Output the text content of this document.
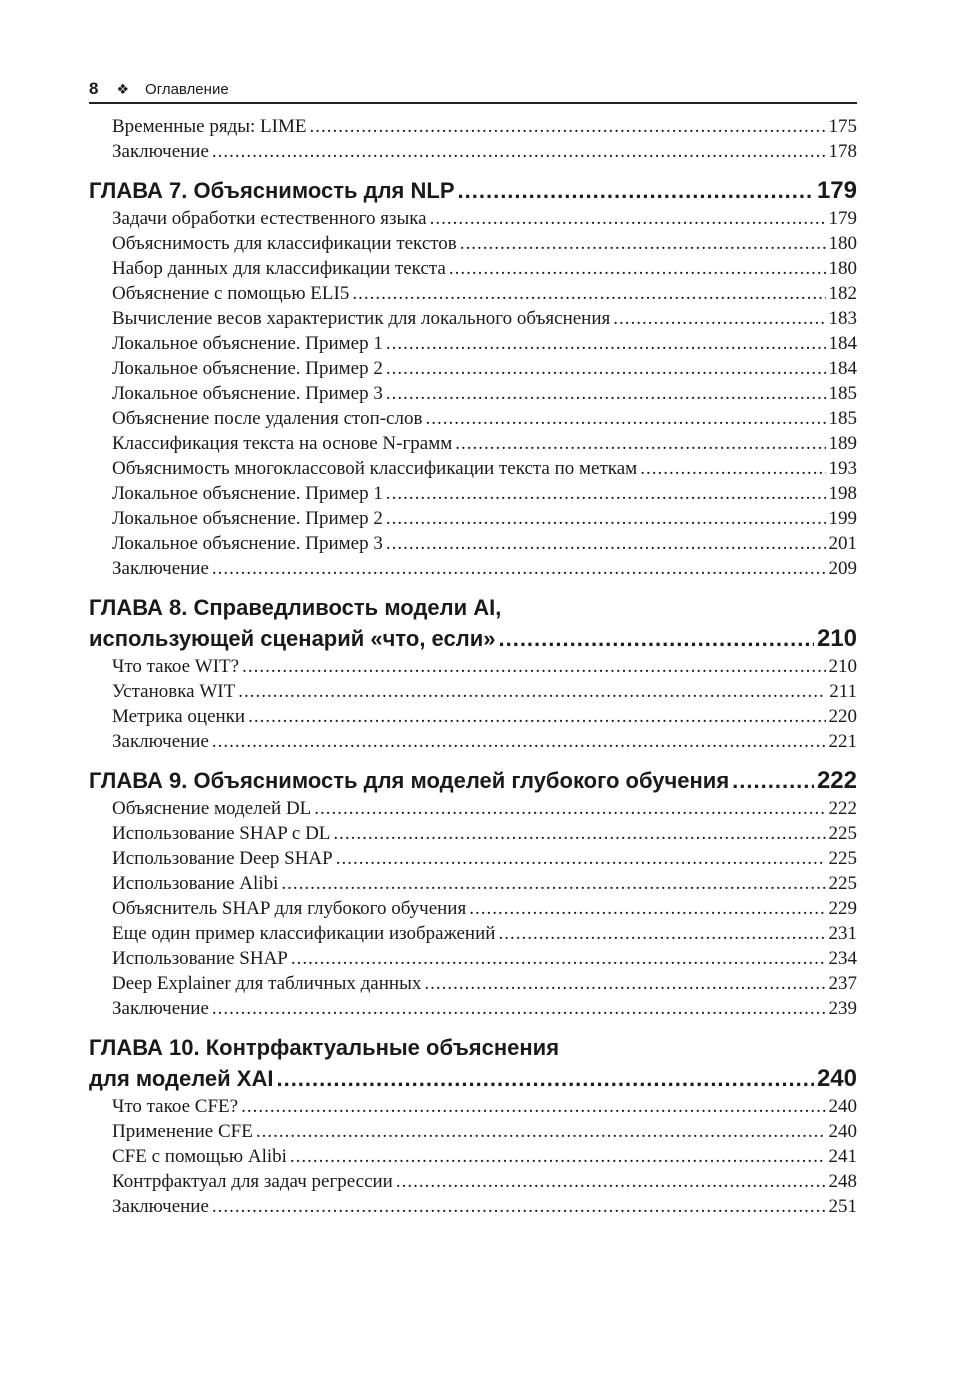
8 ❖ Оглавление
Временные ряды: LIME .....	175
Заключение .....	178
ГЛАВА 7. Объяснимость для NLP .....	179
Задачи обработки естественного языка .....	179
Объяснимость для классификации текстов .....	180
Набор данных для классификации текста .....	180
Объяснение с помощью ELI5 .....	182
Вычисление весов характеристик для локального объяснения .....	183
Локальное объяснение. Пример 1 .....	184
Локальное объяснение. Пример 2 .....	184
Локальное объяснение. Пример 3 .....	185
Объяснение после удаления стоп-слов .....	185
Классификация текста на основе N-грамм .....	189
Объяснимость многоклассовой классификации текста по меткам .....	193
Локальное объяснение. Пример 1 .....	198
Локальное объяснение. Пример 2 .....	199
Локальное объяснение. Пример 3 .....	201
Заключение .....	209
ГЛАВА 8. Справедливость модели AI,
использующей сценарий «что, если» .....	210
Что такое WIT? .....	210
Установка WIT .....	211
Метрика оценки .....	220
Заключение .....	221
ГЛАВА 9. Объяснимость для моделей глубокого обучения .....	222
Объяснение моделей DL .....	222
Использование SHAP с DL .....	225
Использование Deep SHAP .....	225
Использование Alibi .....	225
Объяснитель SHAP для глубокого обучения .....	229
Еще один пример классификации изображений .....	231
Использование SHAP .....	234
Deep Explainer для табличных данных .....	237
Заключение .....	239
ГЛАВА 10. Контрфактуальные объяснения
для моделей XAI .....	240
Что такое CFE? .....	240
Применение CFE .....	240
CFE с помощью Alibi .....	241
Контрфактуал для задач регрессии .....	248
Заключение .....	251
